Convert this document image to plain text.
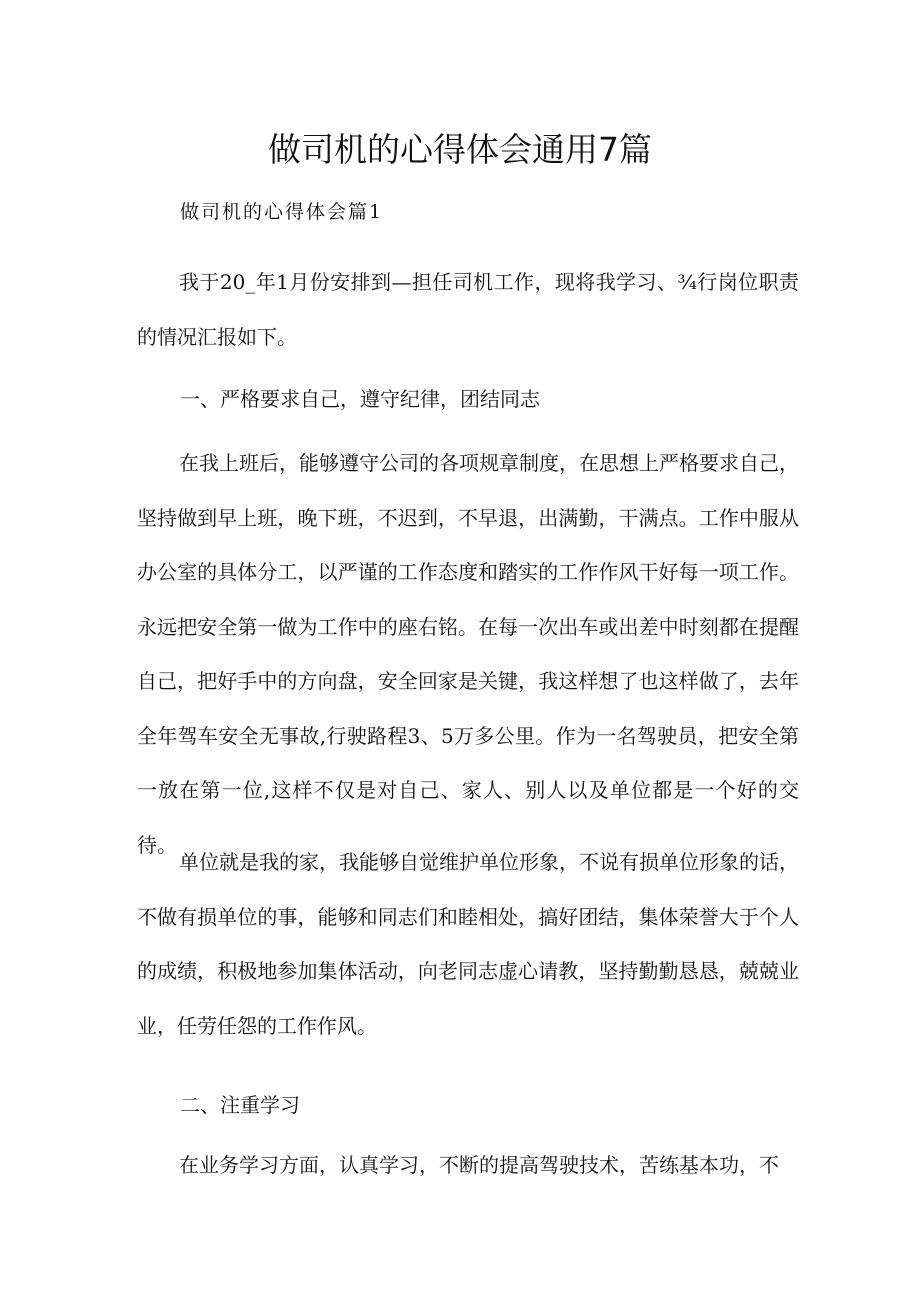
做司机的心得体会通用7篇

做司机的心得体会篇1

我于20_年1月份安排到—担任司机工作，现将我学习、¾行岗位职责的情况汇报如下。

一、严格要求自己，遵守纪律，团结同志

在我上班后，能够遵守公司的各项规章制度，在思想上严格要求自己，坚持做到早上班，晚下班，不迟到，不早退，出满勤，干满点。工作中服从办公室的具体分工，以严谨的工作态度和踏实的工作作风干好每一项工作。永远把安全第一做为工作中的座右铭。在每一次出车或出差中时刻都在提醒自己，把好手中的方向盘，安全回家是关键，我这样想了也这样做了，去年全年驾车安全无事故,行驶路程3、5万多公里。作为一名驾驶员，把安全第一放在第一位,这样不仅是对自己、家人、别人以及单位都是一个好的交待。

单位就是我的家，我能够自觉维护单位形象，不说有损单位形象的话，不做有损单位的事，能够和同志们和睦相处，搞好团结，集体荣誉大于个人的成绩，积极地参加集体活动，向老同志虚心请教，坚持勤勤恳恳，兢兢业业，任劳任怨的工作作风。

二、注重学习

在业务学习方面，认真学习，不断的提高驾驶技术，苦练基本功，不
